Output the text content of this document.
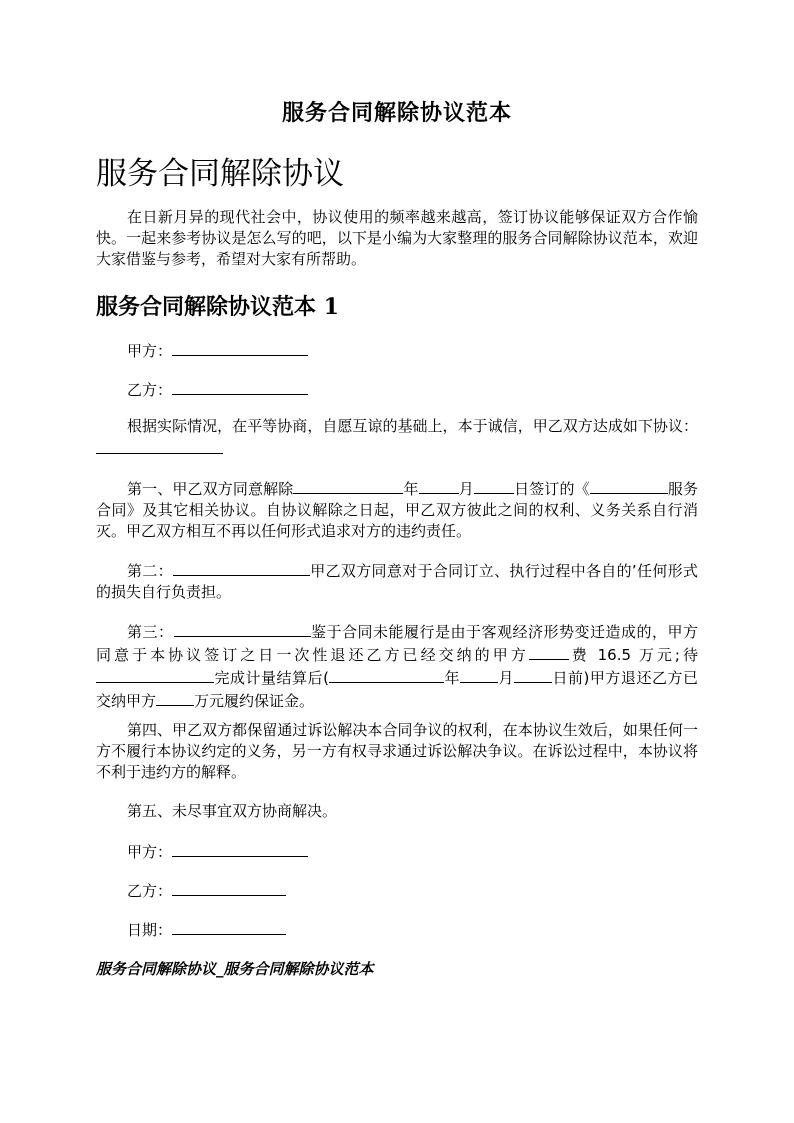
服务合同解除协议范本
服务合同解除协议
在日新月异的现代社会中，协议使用的频率越来越高，签订协议能够保证双方合作愉快。一起来参考协议是怎么写的吧，以下是小编为大家整理的服务合同解除协议范本，欢迎大家借鉴与参考，希望对大家有所帮助。
服务合同解除协议范本 1
甲方：
乙方：
根据实际情况，在平等协商，自愿互谅的基础上，本于诚信，甲乙双方达成如下协议：
第一、甲乙双方同意解除	年	月	日签订的《	服务合同》及其它相关协议。自协议解除之日起，甲乙双方彼此之间的权利、义务关系自行消灭。甲乙双方相互不再以任何形式追求对方的违约责任。
第二：	甲乙双方同意对于合同订立、执行过程中各自的’任何形式的损失自行负责担。
第三：	鉴于合同未能履行是由于客观经济形势变迁造成的，甲方同意于本协议签订之日一次性退还乙方已经交纳的甲方	费 16.5 万元;待完成计量结算后(	年	月	日前)甲方退还乙方已交纳甲方	万元履约保证金。
第四、甲乙双方都保留通过诉讼解决本合同争议的权利，在本协议生效后，如果任何一方不履行本协议约定的义务，另一方有权寻求通过诉讼解决争议。在诉讼过程中，本协议将不利于违约方的解释。
第五、未尽事宜双方协商解决。
甲方：
乙方：
日期：
服务合同解除协议_服务合同解除协议范本
